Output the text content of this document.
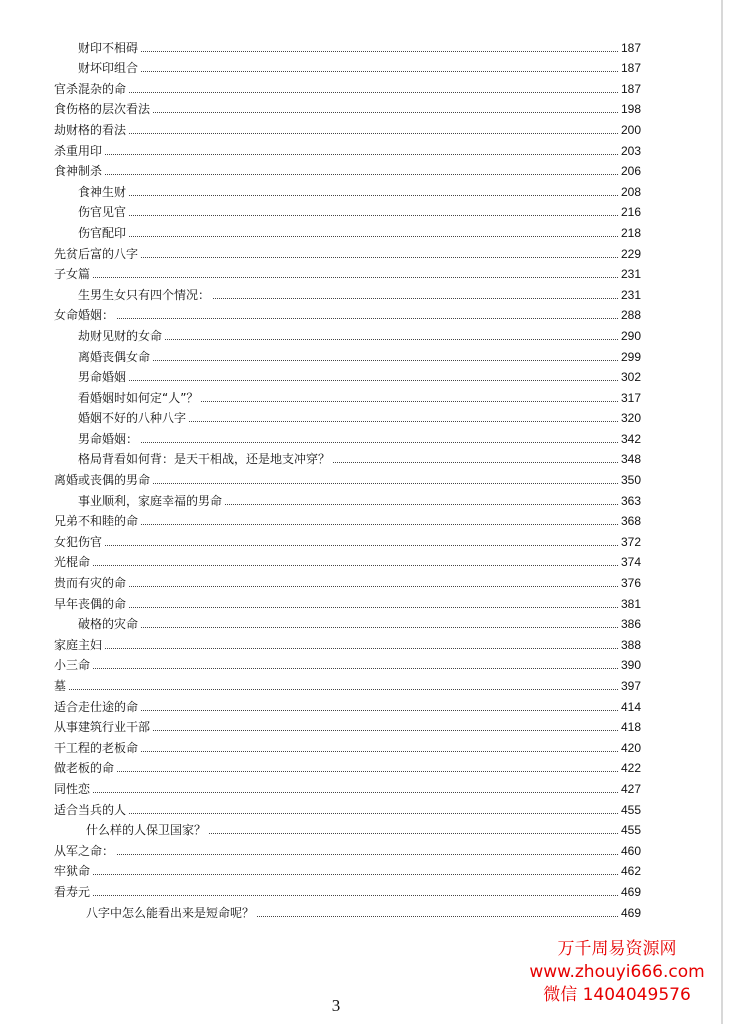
财印不相碍	187
财坏印组合	187
官杀混杂的命	187
食伤格的层次看法	198
劫财格的看法	200
杀重用印	203
食神制杀	206
食神生财	208
伤官见官	216
伤官配印	218
先贫后富的八字	229
子女篇	231
生男生女只有四个情况：	231
女命婚姻：	288
劫财见财的女命	290
离婚丧偶女命	299
男命婚姻	302
看婚姻时如何定“人”？	317
婚姻不好的八种八字	320
男命婚姻：	342
格局背看如何背：是天干相战，还是地支冲穿？	348
离婚或丧偶的男命	350
事业顺利，家庭幸福的男命	363
兄弟不和睦的命	368
女犯伤官	372
光棍命	374
贵而有灾的命	376
早年丧偶的命	381
破格的灾命	386
家庭主妇	388
小三命	390
墓	397
适合走仕途的命	414
从事建筑行业干部	418
干工程的老板命	420
做老板的命	422
同性恋	427
适合当兵的人	455
什么样的人保卫国家？	455
从军之命：	460
牢狱命	462
看寿元	469
八字中怎么能看出来是短命呢？	469
万千周易资源网
www.zhouyi666.com
微信 1404049576
3
